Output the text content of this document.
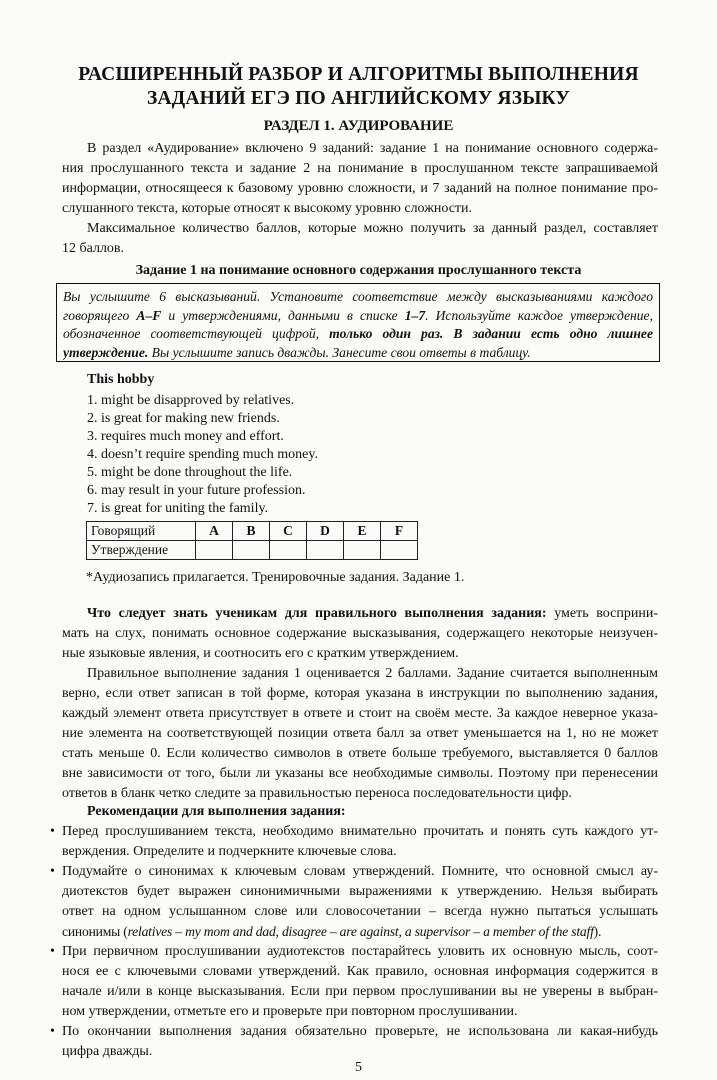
РАСШИРЕННЫЙ РАЗБОР И АЛГОРИТМЫ ВЫПОЛНЕНИЯ
ЗАДАНИЙ ЕГЭ ПО АНГЛИЙСКОМУ ЯЗЫКУ
РАЗДЕЛ 1. АУДИРОВАНИЕ
В раздел «Аудирование» включено 9 заданий: задание 1 на понимание основного содержа-
ния прослушанного текста и задание 2 на понимание в прослушанном тексте запрашиваемой
информации, относящееся к базовому уровню сложности, и 7 заданий на полное понимание про-
слушанного текста, которые относят к высокому уровню сложности.
Максимальное количество баллов, которые можно получить за данный раздел, составляет
12 баллов.
Задание 1 на понимание основного содержания прослушанного текста
Вы услышите 6 высказываний. Установите соответствие между высказываниями каждого
говорящего A–F и утверждениями, данными в списке 1–7. Используйте каждое утверждение,
обозначенное соответствующей цифрой, только один раз. В задании есть одно лишнее
утверждение. Вы услышите запись дважды. Занесите свои ответы в таблицу.
This hobby
1. might be disapproved by relatives.
2. is great for making new friends.
3. requires much money and effort.
4. doesn’t require spending much money.
5. might be done throughout the life.
6. may result in your future profession.
7. is great for uniting the family.
Говорящий	A	B	C	D	E	F
Утверждение						
*Аудиозапись прилагается. Тренировочные задания. Задание 1.
Что следует знать ученикам для правильного выполнения задания: уметь восприни-
мать на слух, понимать основное содержание высказывания, содержащего некоторые неизучен-
ные языковые явления, и соотносить его с кратким утверждением.
Правильное выполнение задания 1 оценивается 2 баллами. Задание считается выполненным
верно, если ответ записан в той форме, которая указана в инструкции по выполнению задания,
каждый элемент ответа присутствует в ответе и стоит на своём месте. За каждое неверное указа-
ние элемента на соответствующей позиции ответа балл за ответ уменьшается на 1, но не может
стать меньше 0. Если количество символов в ответе больше требуемого, выставляется 0 баллов
вне зависимости от того, были ли указаны все необходимые символы. Поэтому при перенесении
ответов в бланк четко следите за правильностью переноса последовательности цифр.
Рекомендации для выполнения задания:
• Перед прослушиванием текста, необходимо внимательно прочитать и понять суть каждого ут-
верждения. Определите и подчеркните ключевые слова.
• Подумайте о синонимах к ключевым словам утверждений. Помните, что основной смысл ау-
диотекстов будет выражен синонимичными выражениями к утверждению. Нельзя выбирать
ответ на одном услышанном слове или словосочетании – всегда нужно пытаться услышать
синонимы (relatives – my mom and dad, disagree – are against, a supervisor – a member of the staff).
• При первичном прослушивании аудиотекстов постарайтесь уловить их основную мысль, соот-
нося ее с ключевыми словами утверждений. Как правило, основная информация содержится в
начале и/или в конце высказывания. Если при первом прослушивании вы не уверены в выбран-
ном утверждении, отметьте его и проверьте при повторном прослушивании.
• По окончании выполнения задания обязательно проверьте, не использована ли какая-нибудь
цифра дважды.
5
